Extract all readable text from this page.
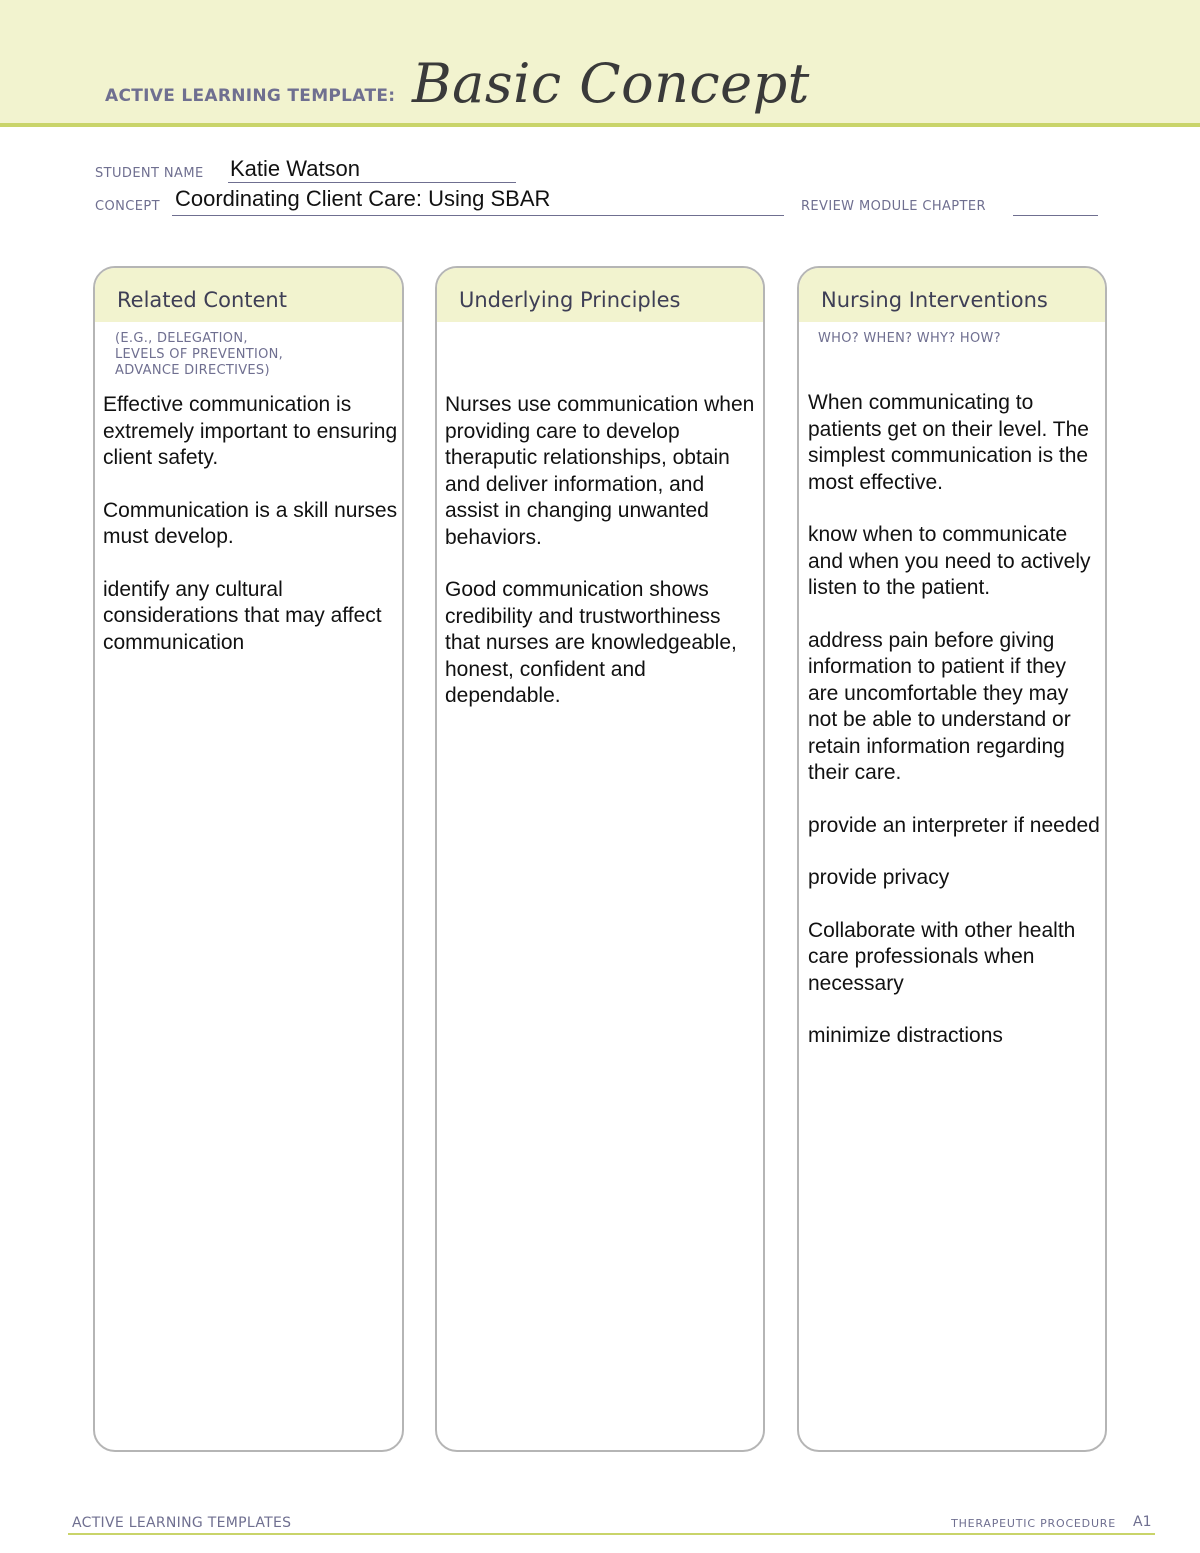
ACTIVE LEARNING TEMPLATE: Basic Concept
STUDENT NAME Katie Watson
CONCEPT Coordinating Client Care: Using SBAR	REVIEW MODULE CHAPTER
Related Content
(E.G., DELEGATION,
LEVELS OF PREVENTION,
ADVANCE DIRECTIVES)

Effective communication is extremely important to ensuring client safety.

Communication is a skill nurses must develop.

identify any cultural considerations that may affect communication

Underlying Principles

Nurses use communication when providing care to develop theraputic relationships, obtain and deliver information, and assist in changing unwanted behaviors.

Good communication shows credibility and trustworthiness that nurses are knowledgeable, honest, confident and dependable.

Nursing Interventions
WHO? WHEN? WHY? HOW?

When communicating to patients get on their level. The simplest communication is the most effective.

know when to communicate and when you need to actively listen to the patient.

address pain before giving information to patient if they are uncomfortable they may not be able to understand or retain information regarding their care.

provide an interpreter if needed

provide privacy

Collaborate with other health care professionals when necessary

minimize distractions

ACTIVE LEARNING TEMPLATES	THERAPEUTIC PROCEDURE A1
